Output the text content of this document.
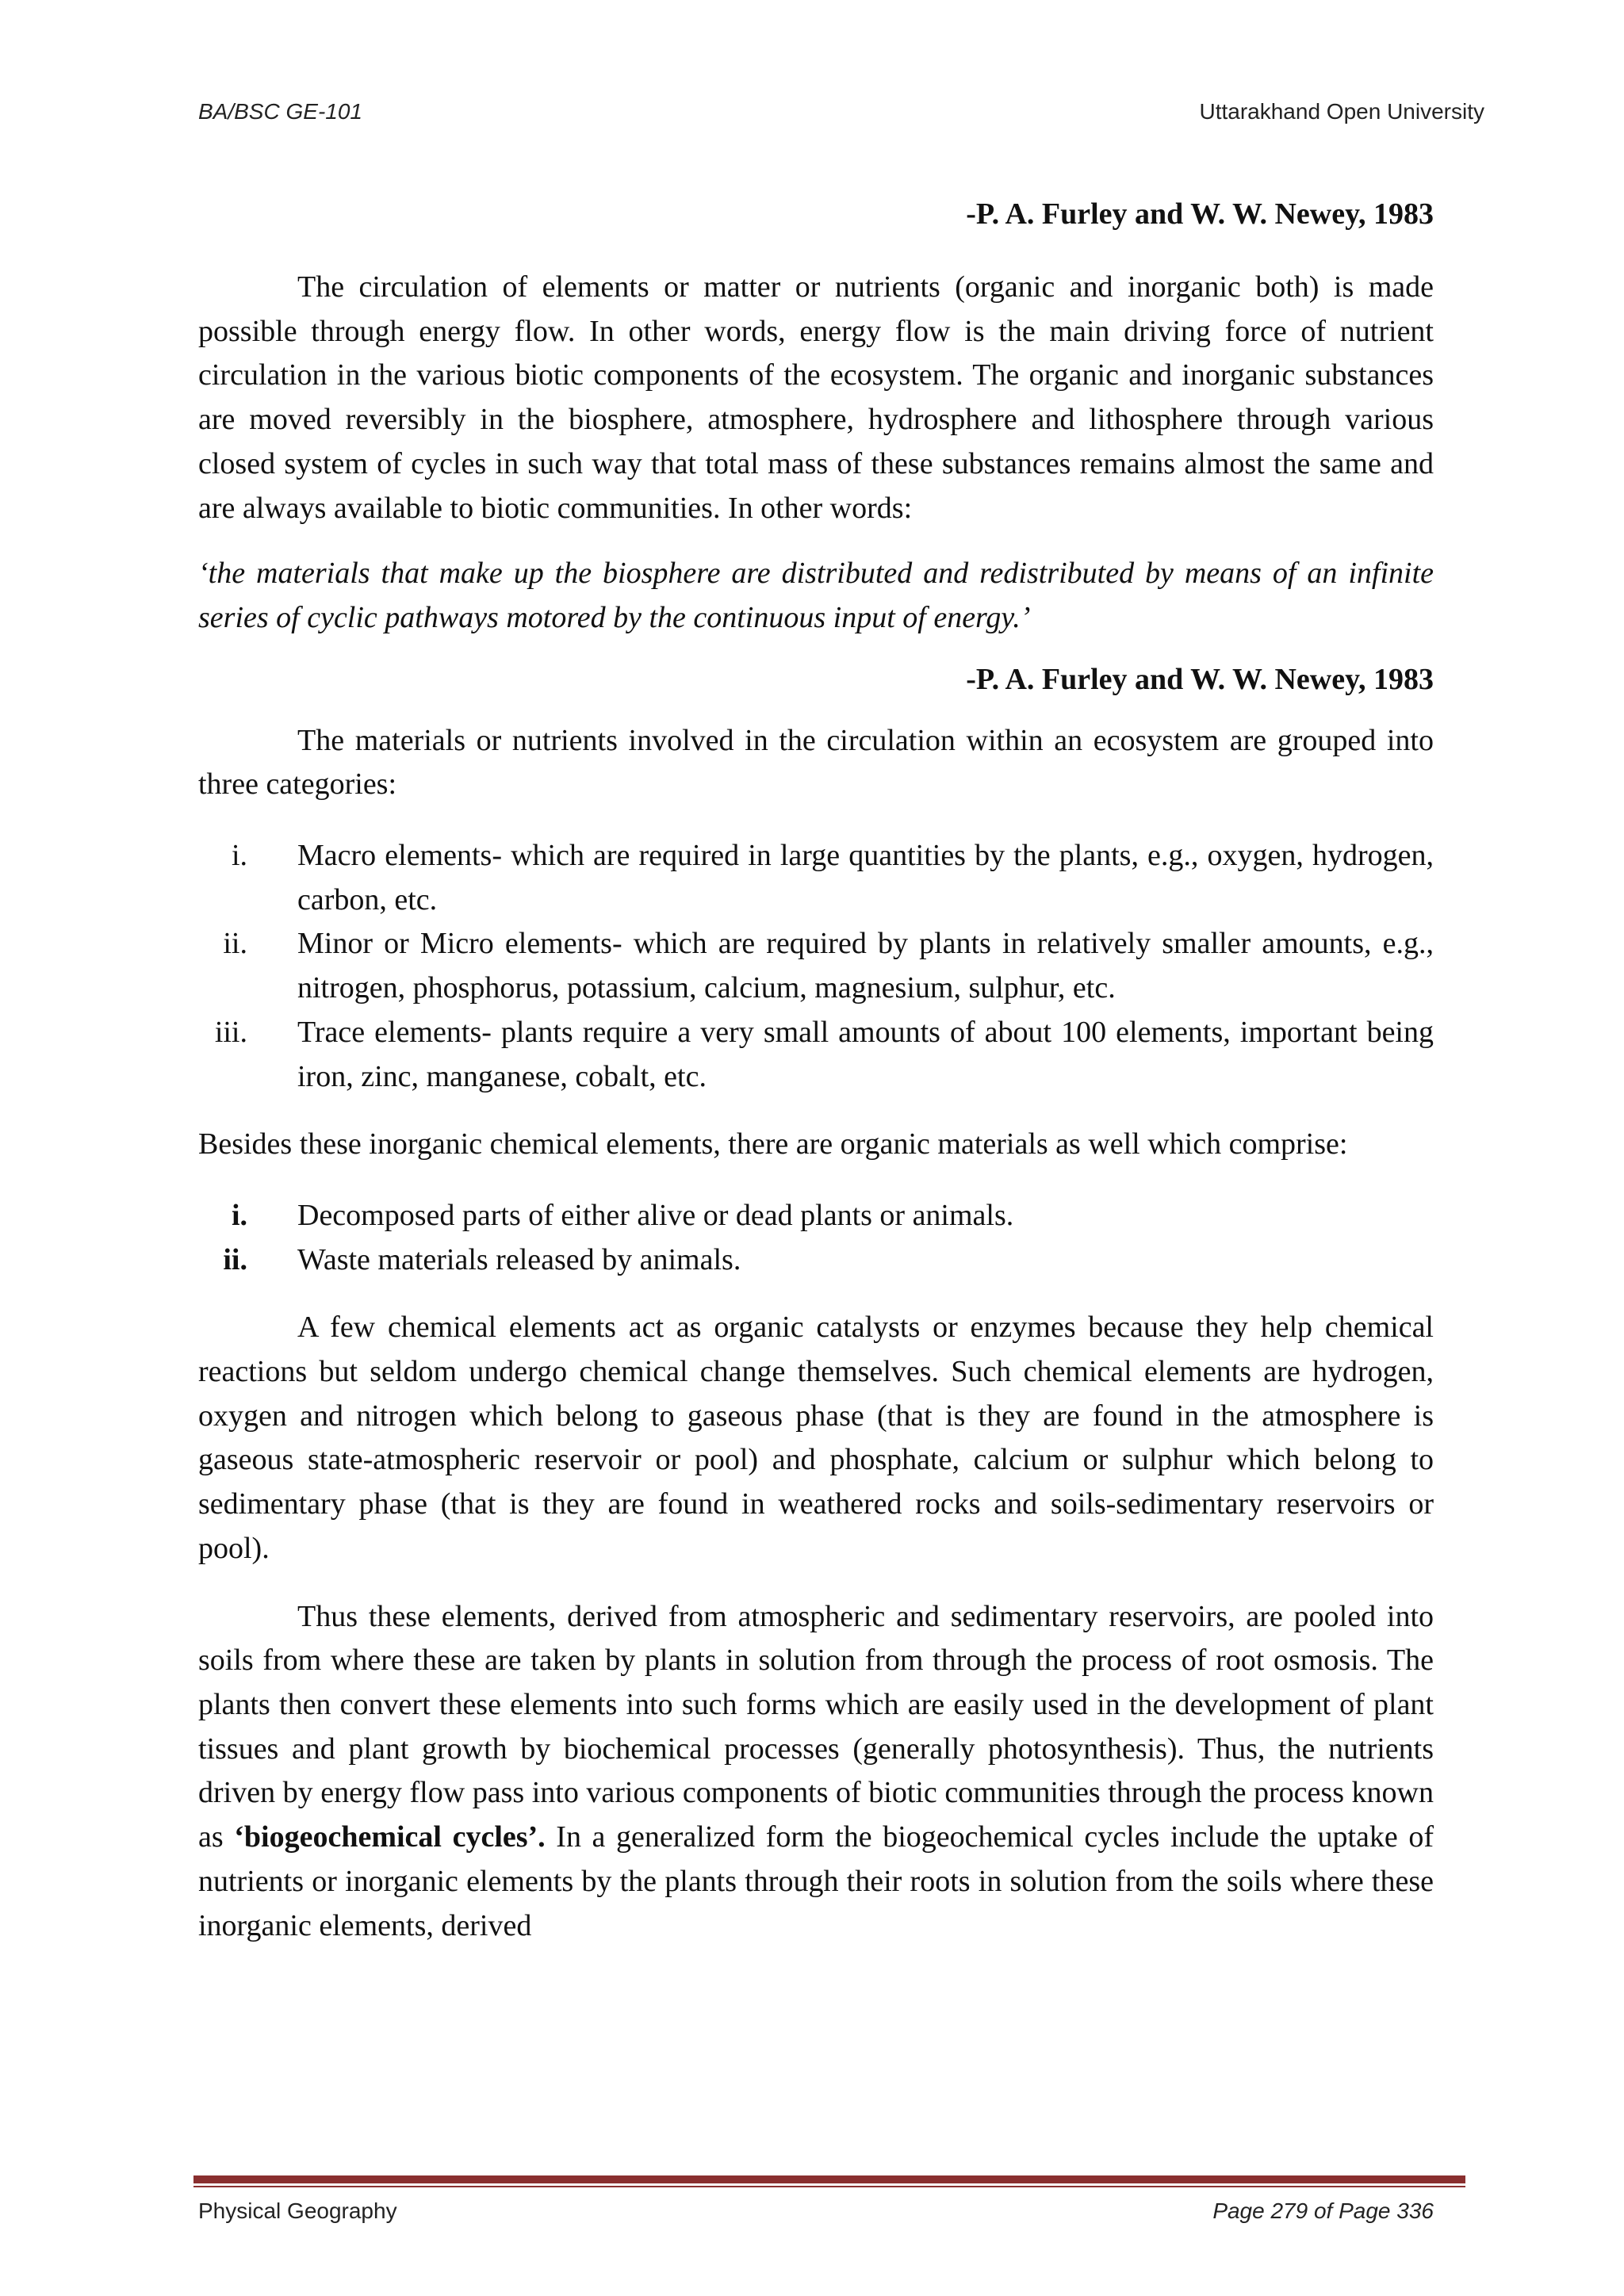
BA/BSC GE-101	Uttarakhand Open University

-P. A. Furley and W. W. Newey, 1983

The circulation of elements or matter or nutrients (organic and inorganic both) is made possible through energy flow. In other words, energy flow is the main driving force of nutrient circulation in the various biotic components of the ecosystem. The organic and inorganic substances are moved reversibly in the biosphere, atmosphere, hydrosphere and lithosphere through various closed system of cycles in such way that total mass of these substances remains almost the same and are always available to biotic communities. In other words:

‘the materials that make up the biosphere are distributed and redistributed by means of an infinite series of cyclic pathways motored by the continuous input of energy.’

-P. A. Furley and W. W. Newey, 1983

The materials or nutrients involved in the circulation within an ecosystem are grouped into three categories:

i. Macro elements- which are required in large quantities by the plants, e.g., oxygen, hydrogen, carbon, etc.
ii. Minor or Micro elements- which are required by plants in relatively smaller amounts, e.g., nitrogen, phosphorus, potassium, calcium, magnesium, sulphur, etc.
iii. Trace elements- plants require a very small amounts of about 100 elements, important being iron, zinc, manganese, cobalt, etc.

Besides these inorganic chemical elements, there are organic materials as well which comprise:

i. Decomposed parts of either alive or dead plants or animals.
ii. Waste materials released by animals.

A few chemical elements act as organic catalysts or enzymes because they help chemical reactions but seldom undergo chemical change themselves. Such chemical elements are hydrogen, oxygen and nitrogen which belong to gaseous phase (that is they are found in the atmosphere is gaseous state-atmospheric reservoir or pool) and phosphate, calcium or sulphur which belong to sedimentary phase (that is they are found in weathered rocks and soils-sedimentary reservoirs or pool).

Thus these elements, derived from atmospheric and sedimentary reservoirs, are pooled into soils from where these are taken by plants in solution from through the process of root osmosis. The plants then convert these elements into such forms which are easily used in the development of plant tissues and plant growth by biochemical processes (generally photosynthesis). Thus, the nutrients driven by energy flow pass into various components of biotic communities through the process known as ‘biogeochemical cycles’. In a generalized form the biogeochemical cycles include the uptake of nutrients or inorganic elements by the plants through their roots in solution from the soils where these inorganic elements, derived

Physical Geography	Page 279 of Page 336
